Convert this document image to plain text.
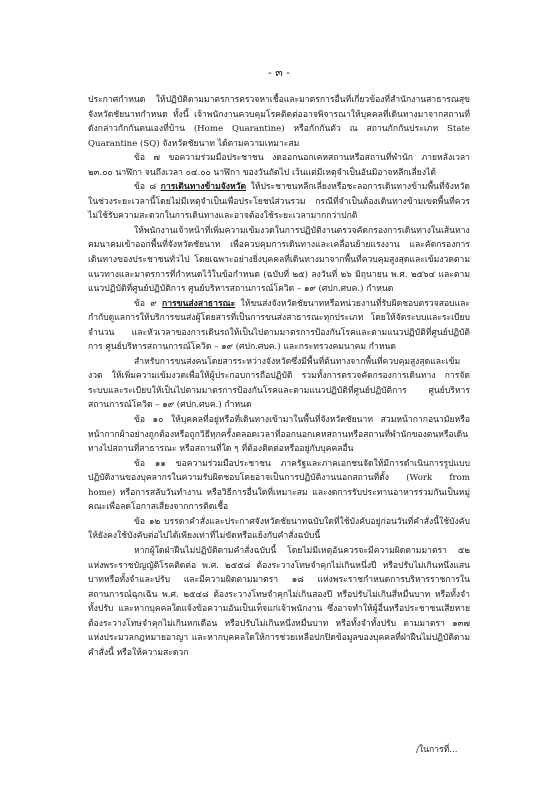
- ๓ -

ประกาศกำหนด ให้ปฏิบัติตามมาตรการตรวจหาเชื้อและมาตรการอื่นที่เกี่ยวข้องที่สำนักงานสาธารณสุขจังหวัดชัยนาทกำหนด ทั้งนี้ เจ้าพนักงานควบคุมโรคติดต่ออาจพิจารณาให้บุคคลที่เดินทางมาจากสถานที่ดังกล่าวกักกันตนเองที่บ้าน (Home Quarantine) หรือกักกันตัว ณ สถานกักกันประเภท State Quarantine (SQ) จังหวัดชัยนาท ได้ตามความเหมาะสม

ข้อ ๗ ขอความร่วมมือประชาชน งดออกนอกเคหสถานหรือสถานที่พำนัก ภายหลังเวลา ๒๓.๐๐ นาฬิกา จนถึงเวลา ๐๔.๐๐ นาฬิกา ของวันถัดไป เว้นแต่มีเหตุจำเป็นอันมิอาจหลีกเลี่ยงได้

ข้อ ๘ การเดินทางข้ามจังหวัด ให้ประชาชนหลีกเลี่ยงหรือชะลอการเดินทางข้ามพื้นที่จังหวัด ในช่วงระยะเวลานี้โดยไม่มีเหตุจำเป็นเพื่อประโยชน์ส่วนรวม กรณีที่จำเป็นต้องเดินทางข้ามเขตพื้นที่ควรไม่ใช้รับความสะดวกในการเดินทางและอาจต้องใช้ระยะเวลามากกว่าปกติ

ให้พนักงานเจ้าหน้าที่เพิ่มความเข้มงวดในการปฏิบัติงานตรวจคัดกรองการเดินทางในเส้นทางคมนาคมเข้าออกพื้นที่จังหวัดชัยนาท เพื่อควบคุมการเดินทางและเคลื่อนย้ายแรงงาน และคัดกรองการเดินทางของประชาชนทั่วไป โดยเฉพาะอย่างยิ่งบุคคลที่เดินทางมาจากพื้นที่ควบคุมสูงสุดและเข้มงวดตามแนวทางและมาตรการที่กำหนดไว้ในข้อกำหนด (ฉบับที่ ๒๕) ลงวันที่ ๒๖ มิถุนายน พ.ศ. ๒๕๖๔ และตามแนวปฏิบัติที่ศูนย์ปฏิบัติการ ศูนย์บริหารสถานการณ์โควิด – ๑๙ (ศปก.ศบค.) กำหนด

ข้อ ๙ การขนส่งสาธารณะ ให้ขนส่งจังหวัดชัยนาทหรือหน่วยงานที่รับผิดชอบตรวจสอบและกำกับดูแลการให้บริการขนส่งผู้โดยสารที่เป็นการขนส่งสาธารณะทุกประเภท โดยให้จัดระบบและระเบียบจำนวน และหัวเวลาของการเดินรถให้เป็นไปตามมาตรการป้องกันโรคและตามแนวปฏิบัติที่ศูนย์ปฏิบัติการ ศูนย์บริหารสถานการณ์โควิด – ๑๙ (ศปก.ศบค.) และกระทรวงคมนาคม กำหนด

สำหรับการขนส่งคนโดยสารระหว่างจังหวัดซึ่งมีพื้นที่ต้นทางจากพื้นที่ควบคุมสูงสุดและเข้มงวด ให้เพิ่มความเข้มงวดเพื่อให้ผู้ประกอบการถือปฏิบัติ รวมทั้งการตรวจคัดกรองการเดินทาง การจัดระบบและระเบียบให้เป็นไปตามมาตรการป้องกันโรคและตามแนวปฏิบัติที่ศูนย์ปฏิบัติการ ศูนย์บริหารสถานการณ์โควิด – ๑๙ (ศปก.ศบค.) กำหนด

ข้อ ๑๐ ให้บุคคลที่อยู่หรือที่เดินทางเข้ามาในพื้นที่จังหวัดชัยนาท สวมหน้ากากอนามัยหรือหน้ากากผ้าอย่างถูกต้องหรือถูกวิธีทุกครั้งตลอดเวลาที่ออกนอกเคหสถานหรือสถานที่พำนักของตนหรือเดินทางไปสถานที่สาธารณะ หรือสถานที่ใด ๆ ที่ต้องติดต่อหรืออยู่กับบุคคลอื่น

ข้อ ๑๑ ขอความร่วมมือประชาชน ภาครัฐและภาคเอกชนจัดให้มีการดำเนินการรูปแบบปฏิบัติงานของบุคลากรในความรับผิดชอบโดยอาจเป็นการปฏิบัติงานนอกสถานที่ตั้ง (Work from home) หรือการสลับวันทำงาน หรือวิธีการอื่นใดที่เหมาะสม และงดการรับประทานอาหารร่วมกันเป็นหมู่คณะเพื่อลดโอกาสเสี่ยงจากการติดเชื้อ

ข้อ ๑๒ บรรดาคำสั่งและประกาศจังหวัดชัยนาทฉบับใดที่ใช้บังคับอยู่ก่อนวันที่คำสั่งนี้ใช้บังคับ ให้ยังคงใช้บังคับต่อไปได้เพียงเท่าที่ไม่ขัดหรือแย้งกับคำสั่งฉบับนี้

หากผู้ใดฝ่าฝืนไม่ปฏิบัติตามคำสั่งฉบับนี้ โดยไม่มีเหตุอันควรจะมีความผิดตามมาตรา ๕๒ แห่งพระราชบัญญัติโรคติดต่อ พ.ศ. ๒๕๕๘ ต้องระวางโทษจำคุกไม่เกินหนึ่งปี หรือปรับไม่เกินหนึ่งแสนบาทหรือทั้งจำและปรับ และมีความผิดตามมาตรา ๑๘ แห่งพระราชกำหนดการบริหารราชการในสถานการณ์ฉุกเฉิน พ.ศ. ๒๕๔๘ ต้องระวางโทษจำคุกไม่เกินสองปี หรือปรับไม่เกินสี่หมื่นบาท หรือทั้งจำทั้งปรับ และหากบุคคลใดแจ้งข้อความอันเป็นเท็จแก่เจ้าพนักงาน ซึ่งอาจทำให้ผู้อื่นหรือประชาชนเสียหาย ต้องระวางโทษจำคุกไม่เกินหกเดือน หรือปรับไม่เกินหนึ่งหมื่นบาท หรือทั้งจำทั้งปรับ ตามมาตรา ๑๓๗ แห่งประมวลกฎหมายอาญา และหากบุคคลใดให้การช่วยเหลือปกปิดข้อมูลของบุคคลที่ฝ่าฝืนไม่ปฏิบัติตามคำสั่งนี้ หรือให้ความสะดวก

/ในการที่...
